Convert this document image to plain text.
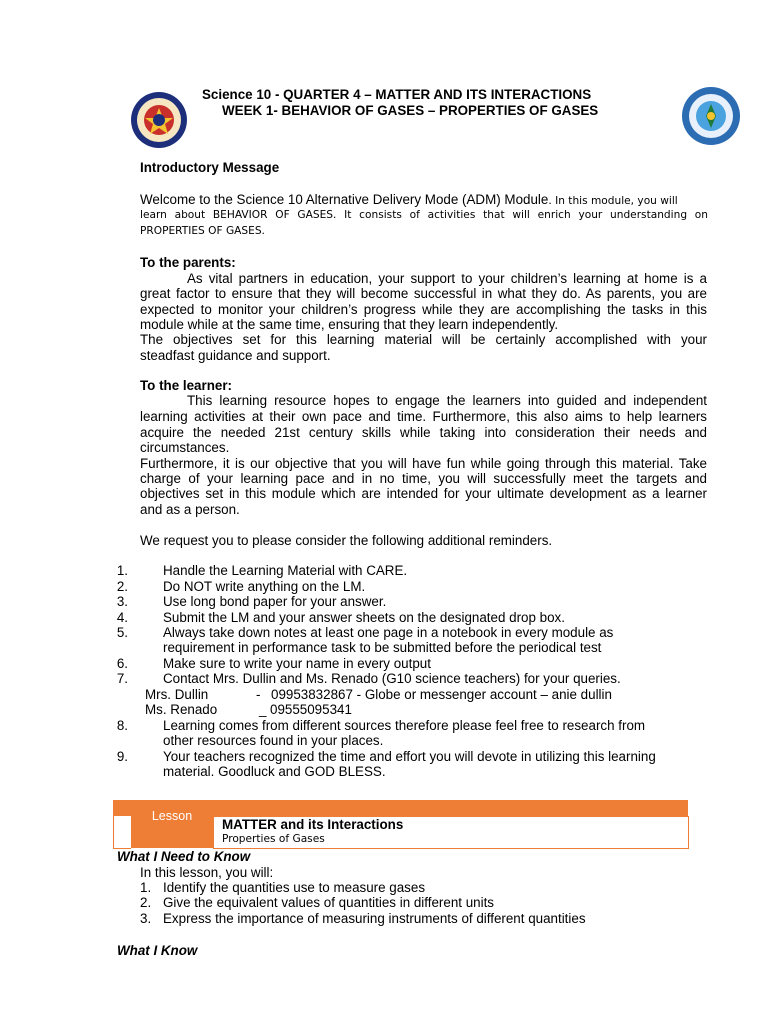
Science 10 - QUARTER 4 – MATTER AND ITS INTERACTIONS
WEEK 1- BEHAVIOR OF GASES – PROPERTIES OF GASES
Introductory Message
Welcome to the Science 10 Alternative Delivery Mode (ADM) Module. In this module, you will
learn about BEHAVIOR OF GASES. It consists of activities that will enrich your understanding on
PROPERTIES OF GASES.
To the parents:
As vital partners in education, your support to your children’s learning at home is a
great factor to ensure that they will become successful in what they do. As parents, you are
expected to monitor your children’s progress while they are accomplishing the tasks in this
module while at the same time, ensuring that they learn independently.
The objectives set for this learning material will be certainly accomplished with your
steadfast guidance and support.
To the learner:
This learning resource hopes to engage the learners into guided and independent
learning activities at their own pace and time. Furthermore, this also aims to help learners
acquire the needed 21st century skills while taking into consideration their needs and
circumstances.
Furthermore, it is our objective that you will have fun while going through this material. Take
charge of your learning pace and in no time, you will successfully meet the targets and
objectives set in this module which are intended for your ultimate development as a learner
and as a person.
We request you to please consider the following additional reminders.
1.	Handle the Learning Material with CARE.
2.	Do NOT write anything on the LM.
3.	Use long bond paper for your answer.
4.	Submit the LM and your answer sheets on the designated drop box.
5.	Always take down notes at least one page in a notebook in every module as
requirement in performance task to be submitted before the periodical test
6.	Make sure to write your name in every output
7.	Contact Mrs. Dullin and Ms. Renado (G10 science teachers) for your queries.
Mrs. Dullin	- 09953832867 - Globe or messenger account – anie dullin
Ms. Renado	_ 09555095341
8.	Learning comes from different sources therefore please feel free to research from
other resources found in your places.
9.	Your teachers recognized the time and effort you will devote in utilizing this learning
material. Goodluck and GOD BLESS.
Lesson
MATTER and its Interactions
Properties of Gases
What I Need to Know
In this lesson, you will:
1. Identify the quantities use to measure gases
2. Give the equivalent values of quantities in different units
3. Express the importance of measuring instruments of different quantities
What I Know
